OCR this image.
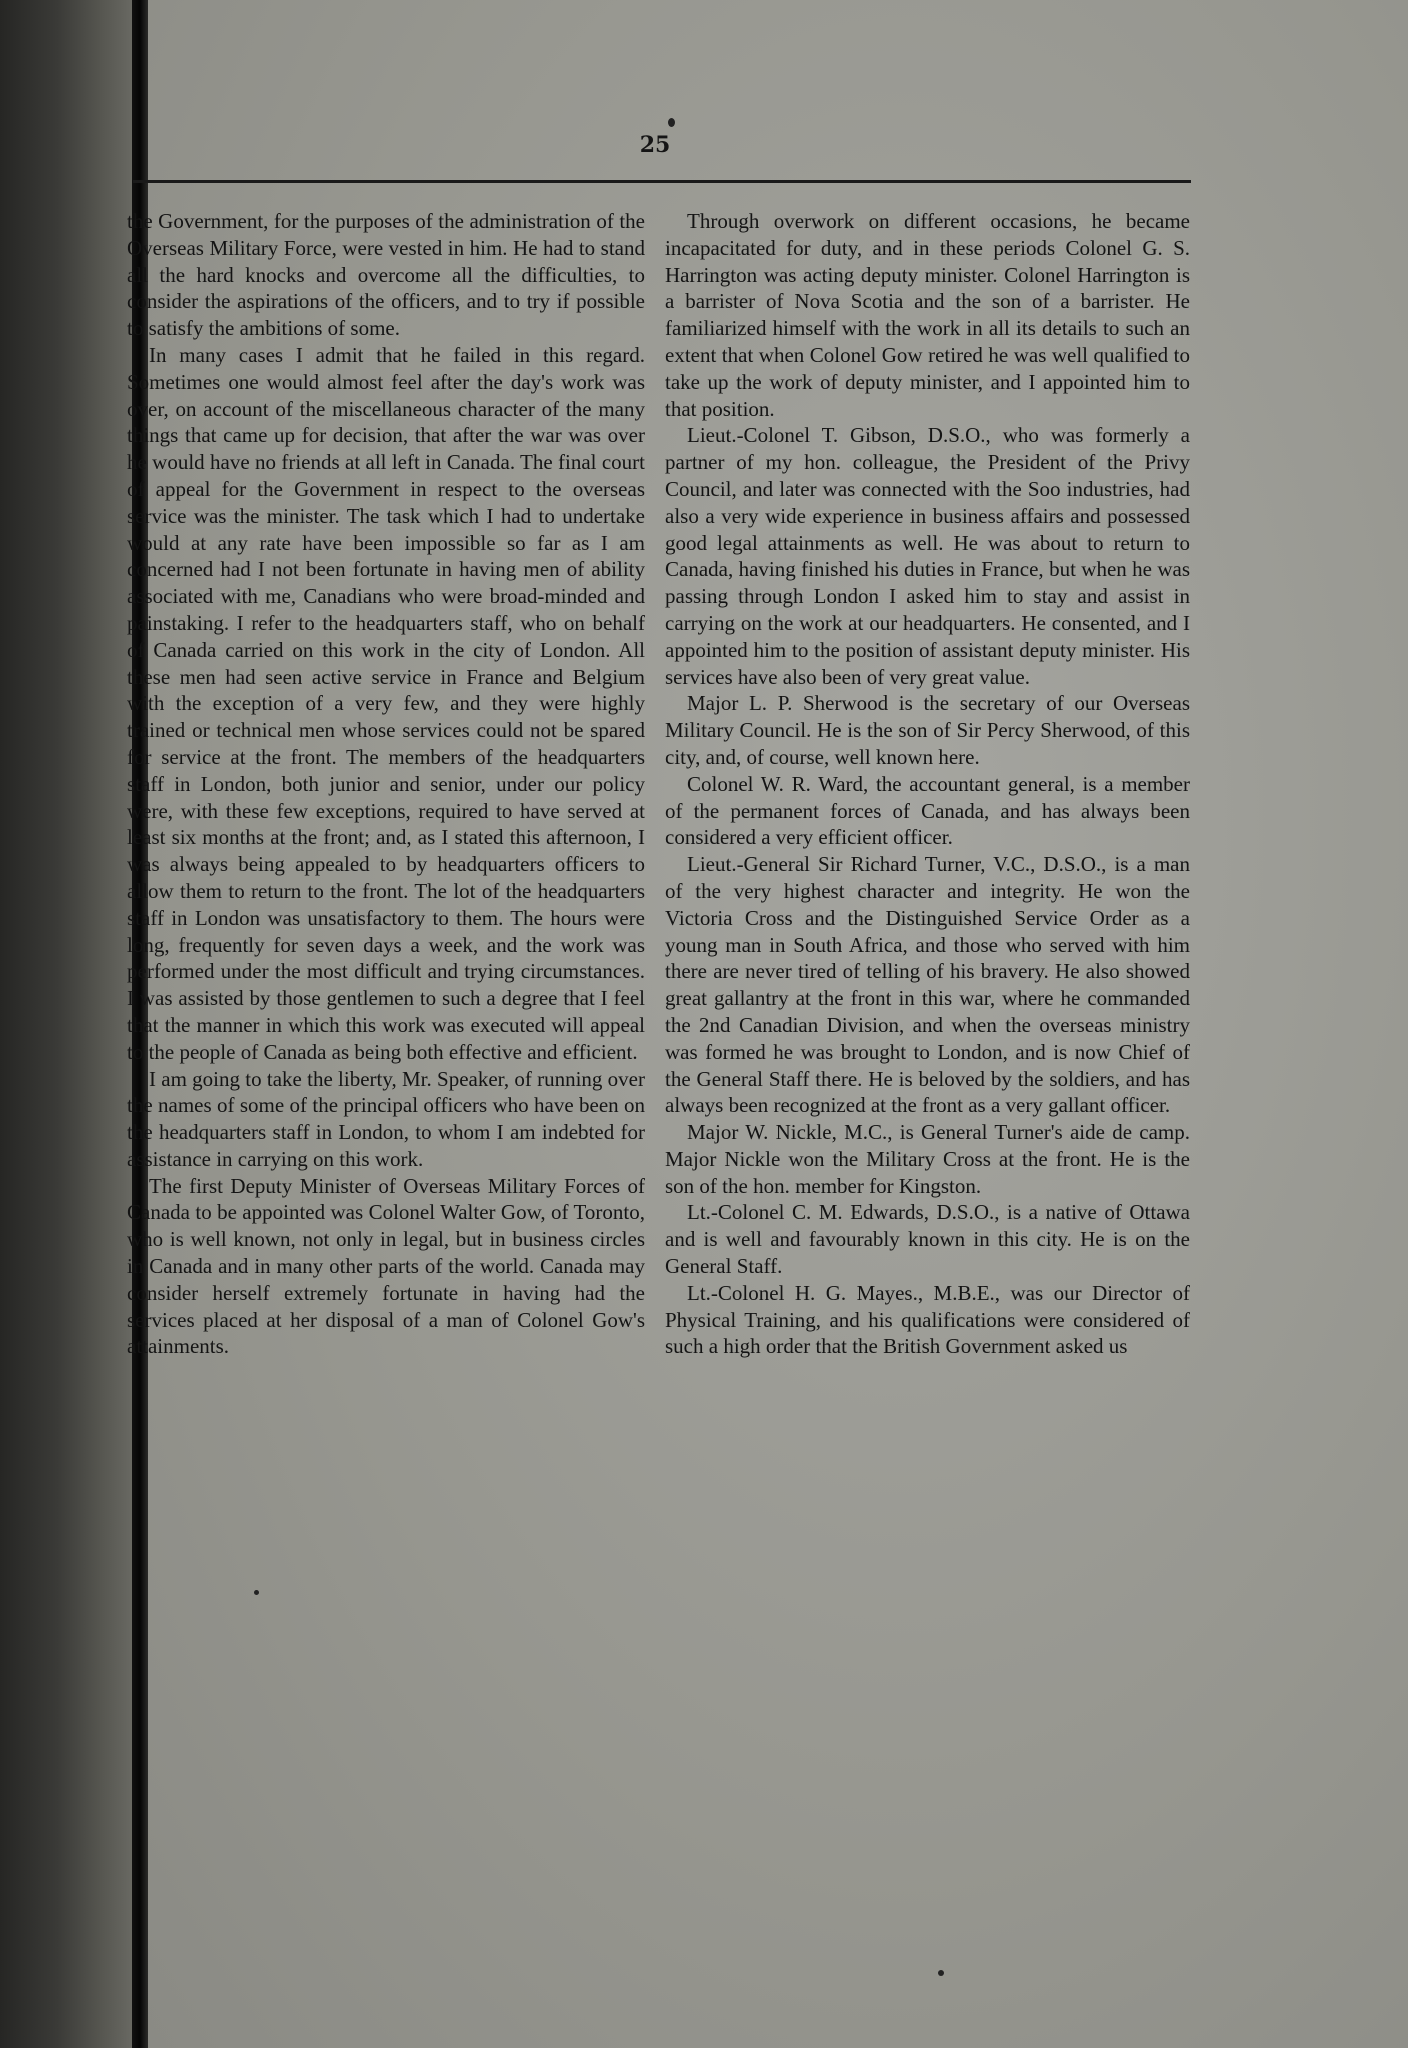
25

the Government, for the purposes of the administration of the Overseas Military Force, were vested in him. He had to stand all the hard knocks and overcome all the difficulties, to consider the aspirations of the officers, and to try if possible to satisfy the ambitions of some.

In many cases I admit that he failed in this regard. Sometimes one would almost feel after the day's work was over, on account of the miscellaneous character of the many things that came up for decision, that after the war was over he would have no friends at all left in Canada. The final court of appeal for the Government in respect to the overseas service was the minister. The task which I had to undertake would at any rate have been impossible so far as I am concerned had I not been fortunate in having men of ability associated with me, Canadians who were broad-minded and painstaking. I refer to the headquarters staff, who on behalf of Canada carried on this work in the city of London. All these men had seen active service in France and Belgium with the exception of a very few, and they were highly trained or technical men whose services could not be spared for service at the front. The members of the headquarters staff in London, both junior and senior, under our policy were, with these few exceptions, required to have served at least six months at the front; and, as I stated this afternoon, I was always being appealed to by headquarters officers to allow them to return to the front. The lot of the headquarters staff in London was unsatisfactory to them. The hours were long, frequently for seven days a week, and the work was performed under the most difficult and trying circumstances. I was assisted by those gentlemen to such a degree that I feel that the manner in which this work was executed will appeal to the people of Canada as being both effective and efficient.

I am going to take the liberty, Mr. Speaker, of running over the names of some of the principal officers who have been on the headquarters staff in London, to whom I am indebted for assistance in carrying on this work.

The first Deputy Minister of Overseas Military Forces of Canada to be appointed was Colonel Walter Gow, of Toronto, who is well known, not only in legal, but in business circles in Canada and in many other parts of the world. Canada may consider herself extremely fortunate in having had the services placed at her disposal of a man of Colonel Gow's attainments.

Through overwork on different occasions, he became incapacitated for duty, and in these periods Colonel G. S. Harrington was acting deputy minister. Colonel Harrington is a barrister of Nova Scotia and the son of a barrister. He familiarized himself with the work in all its details to such an extent that when Colonel Gow retired he was well qualified to take up the work of deputy minister, and I appointed him to that position.

Lieut.-Colonel T. Gibson, D.S.O., who was formerly a partner of my hon. colleague, the President of the Privy Council, and later was connected with the Soo industries, had also a very wide experience in business affairs and possessed good legal attainments as well. He was about to return to Canada, having finished his duties in France, but when he was passing through London I asked him to stay and assist in carrying on the work at our headquarters. He consented, and I appointed him to the position of assistant deputy minister. His services have also been of very great value.

Major L. P. Sherwood is the secretary of our Overseas Military Council. He is the son of Sir Percy Sherwood, of this city, and, of course, well known here.

Colonel W. R. Ward, the accountant general, is a member of the permanent forces of Canada, and has always been considered a very efficient officer.

Lieut.-General Sir Richard Turner, V.C., D.S.O., is a man of the very highest character and integrity. He won the Victoria Cross and the Distinguished Service Order as a young man in South Africa, and those who served with him there are never tired of telling of his bravery. He also showed great gallantry at the front in this war, where he commanded the 2nd Canadian Division, and when the overseas ministry was formed he was brought to London, and is now Chief of the General Staff there. He is beloved by the soldiers, and has always been recognized at the front as a very gallant officer.

Major W. Nickle, M.C., is General Turner's aide de camp. Major Nickle won the Military Cross at the front. He is the son of the hon. member for Kingston.

Lt.-Colonel C. M. Edwards, D.S.O., is a native of Ottawa and is well and favourably known in this city. He is on the General Staff.

Lt.-Colonel H. G. Mayes., M.B.E., was our Director of Physical Training, and his qualifications were considered of such a high order that the British Government asked us
